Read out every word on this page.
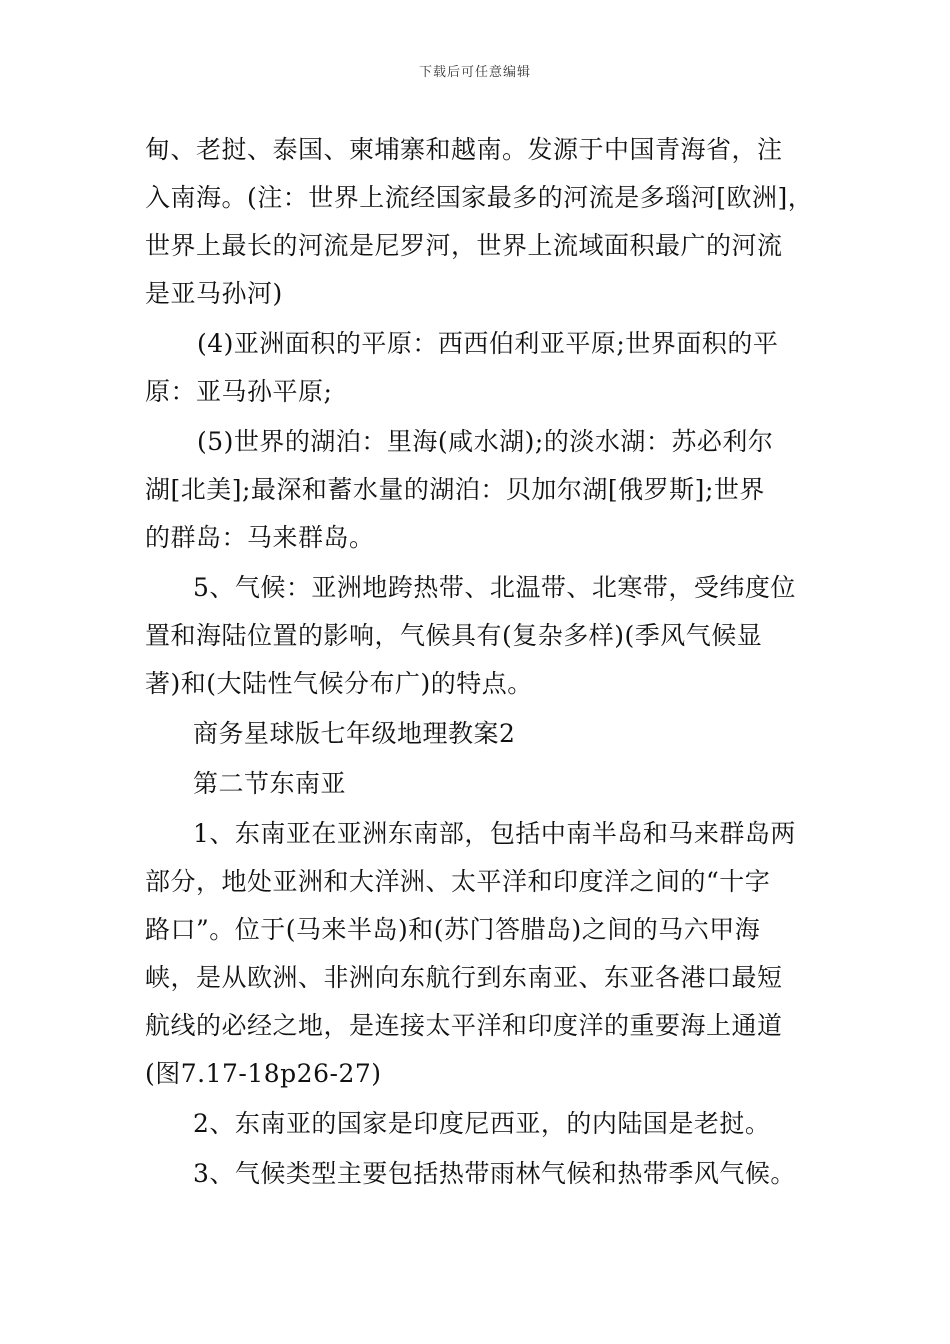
下载后可任意编辑
甸、老挝、泰国、柬埔寨和越南。发源于中国青海省，注
入南海。(注：世界上流经国家最多的河流是多瑙河[欧洲]，
世界上最长的河流是尼罗河，世界上流域面积最广的河流
是亚马孙河)
(4)亚洲面积的平原：西西伯利亚平原;世界面积的平
原：亚马孙平原;
(5)世界的湖泊：里海(咸水湖);的淡水湖：苏必利尔
湖[北美];最深和蓄水量的湖泊：贝加尔湖[俄罗斯];世界
的群岛：马来群岛。
5、气候：亚洲地跨热带、北温带、北寒带，受纬度位
置和海陆位置的影响，气候具有(复杂多样)(季风气候显
著)和(大陆性气候分布广)的特点。
商务星球版七年级地理教案2
第二节东南亚
1、东南亚在亚洲东南部，包括中南半岛和马来群岛两
部分，地处亚洲和大洋洲、太平洋和印度洋之间的“十字
路口”。位于(马来半岛)和(苏门答腊岛)之间的马六甲海
峡，是从欧洲、非洲向东航行到东南亚、东亚各港口最短
航线的必经之地，是连接太平洋和印度洋的重要海上通道
(图7.17-18p26-27)
2、东南亚的国家是印度尼西亚，的内陆国是老挝。
3、气候类型主要包括热带雨林气候和热带季风气候。
